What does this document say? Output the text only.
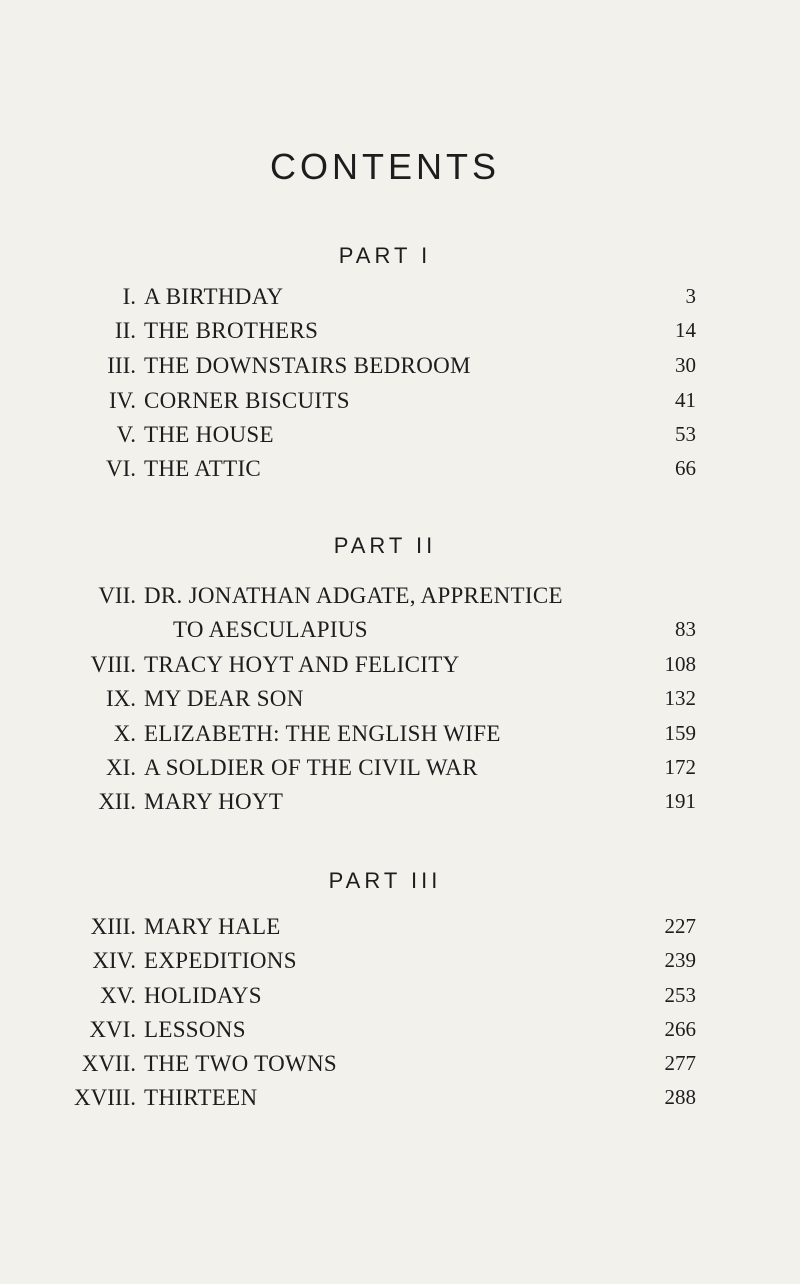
CONTENTS
PART I
I. A BIRTHDAY	3
II. THE BROTHERS	14
III. THE DOWNSTAIRS BEDROOM	30
IV. CORNER BISCUITS	41
V. THE HOUSE	53
VI. THE ATTIC	66
PART II
VII. DR. JONATHAN ADGATE, APPRENTICE
TO AESCULAPIUS	83
VIII. TRACY HOYT AND FELICITY	108
IX. MY DEAR SON	132
X. ELIZABETH: THE ENGLISH WIFE	159
XI. A SOLDIER OF THE CIVIL WAR	172
XII. MARY HOYT	191
PART III
XIII. MARY HALE	227
XIV. EXPEDITIONS	239
XV. HOLIDAYS	253
XVI. LESSONS	266
XVII. THE TWO TOWNS	277
XVIII. THIRTEEN	288
